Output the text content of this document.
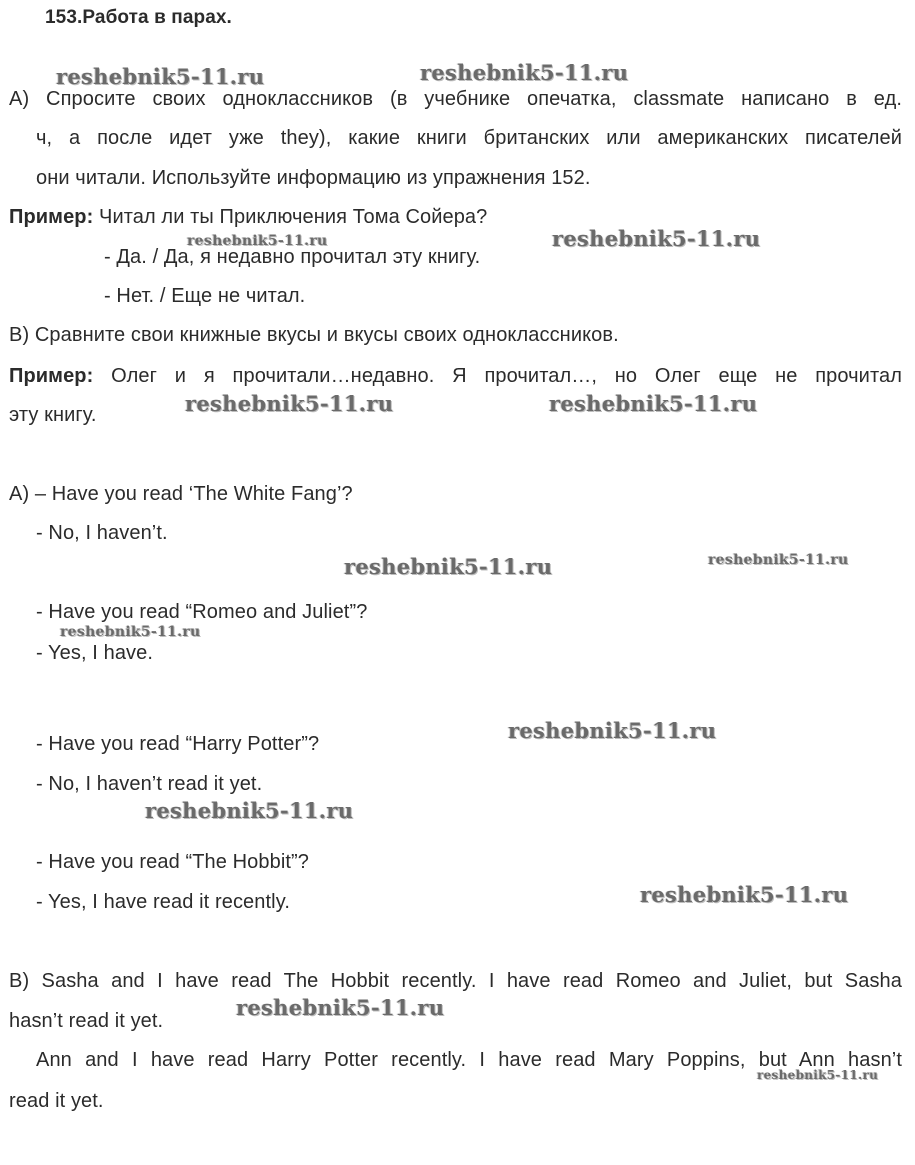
153.Работа в парах.
А) Спросите своих одноклассников (в учебнике опечатка, classmate написано в ед.
ч, а после идет уже they), какие книги британских или американских писателей
они читали. Используйте информацию из упражнения 152.
Пример: Читал ли ты Приключения Тома Сойера?
- Да. / Да, я недавно прочитал эту книгу.
- Нет. / Еще не читал.
В) Сравните свои книжные вкусы и вкусы своих одноклассников.
Пример: Олег и я прочитали…недавно. Я прочитал…, но Олег еще не прочитал
эту книгу.
A) – Have you read ‘The White Fang’?
- No, I haven’t.
- Have you read “Romeo and Juliet”?
- Yes, I have.
- Have you read “Harry Potter”?
- No, I haven’t read it yet.
- Have you read “The Hobbit”?
- Yes, I have read it recently.
B) Sasha and I have read The Hobbit recently. I have read Romeo and Juliet, but Sasha
hasn’t read it yet.
Ann and I have read Harry Potter recently. I have read Mary Poppins, but Ann hasn’t
read it yet.
reshebnik5-11.ru	reshebnik5-11.ru
reshebnik5-11.ru	reshebnik5-11.ru
reshebnik5-11.ru	reshebnik5-11.ru
reshebnik5-11.ru	reshebnik5-11.ru
reshebnik5-11.ru
reshebnik5-11.ru
reshebnik5-11.ru
reshebnik5-11.ru
reshebnik5-11.ru
reshebnik5-11.ru
